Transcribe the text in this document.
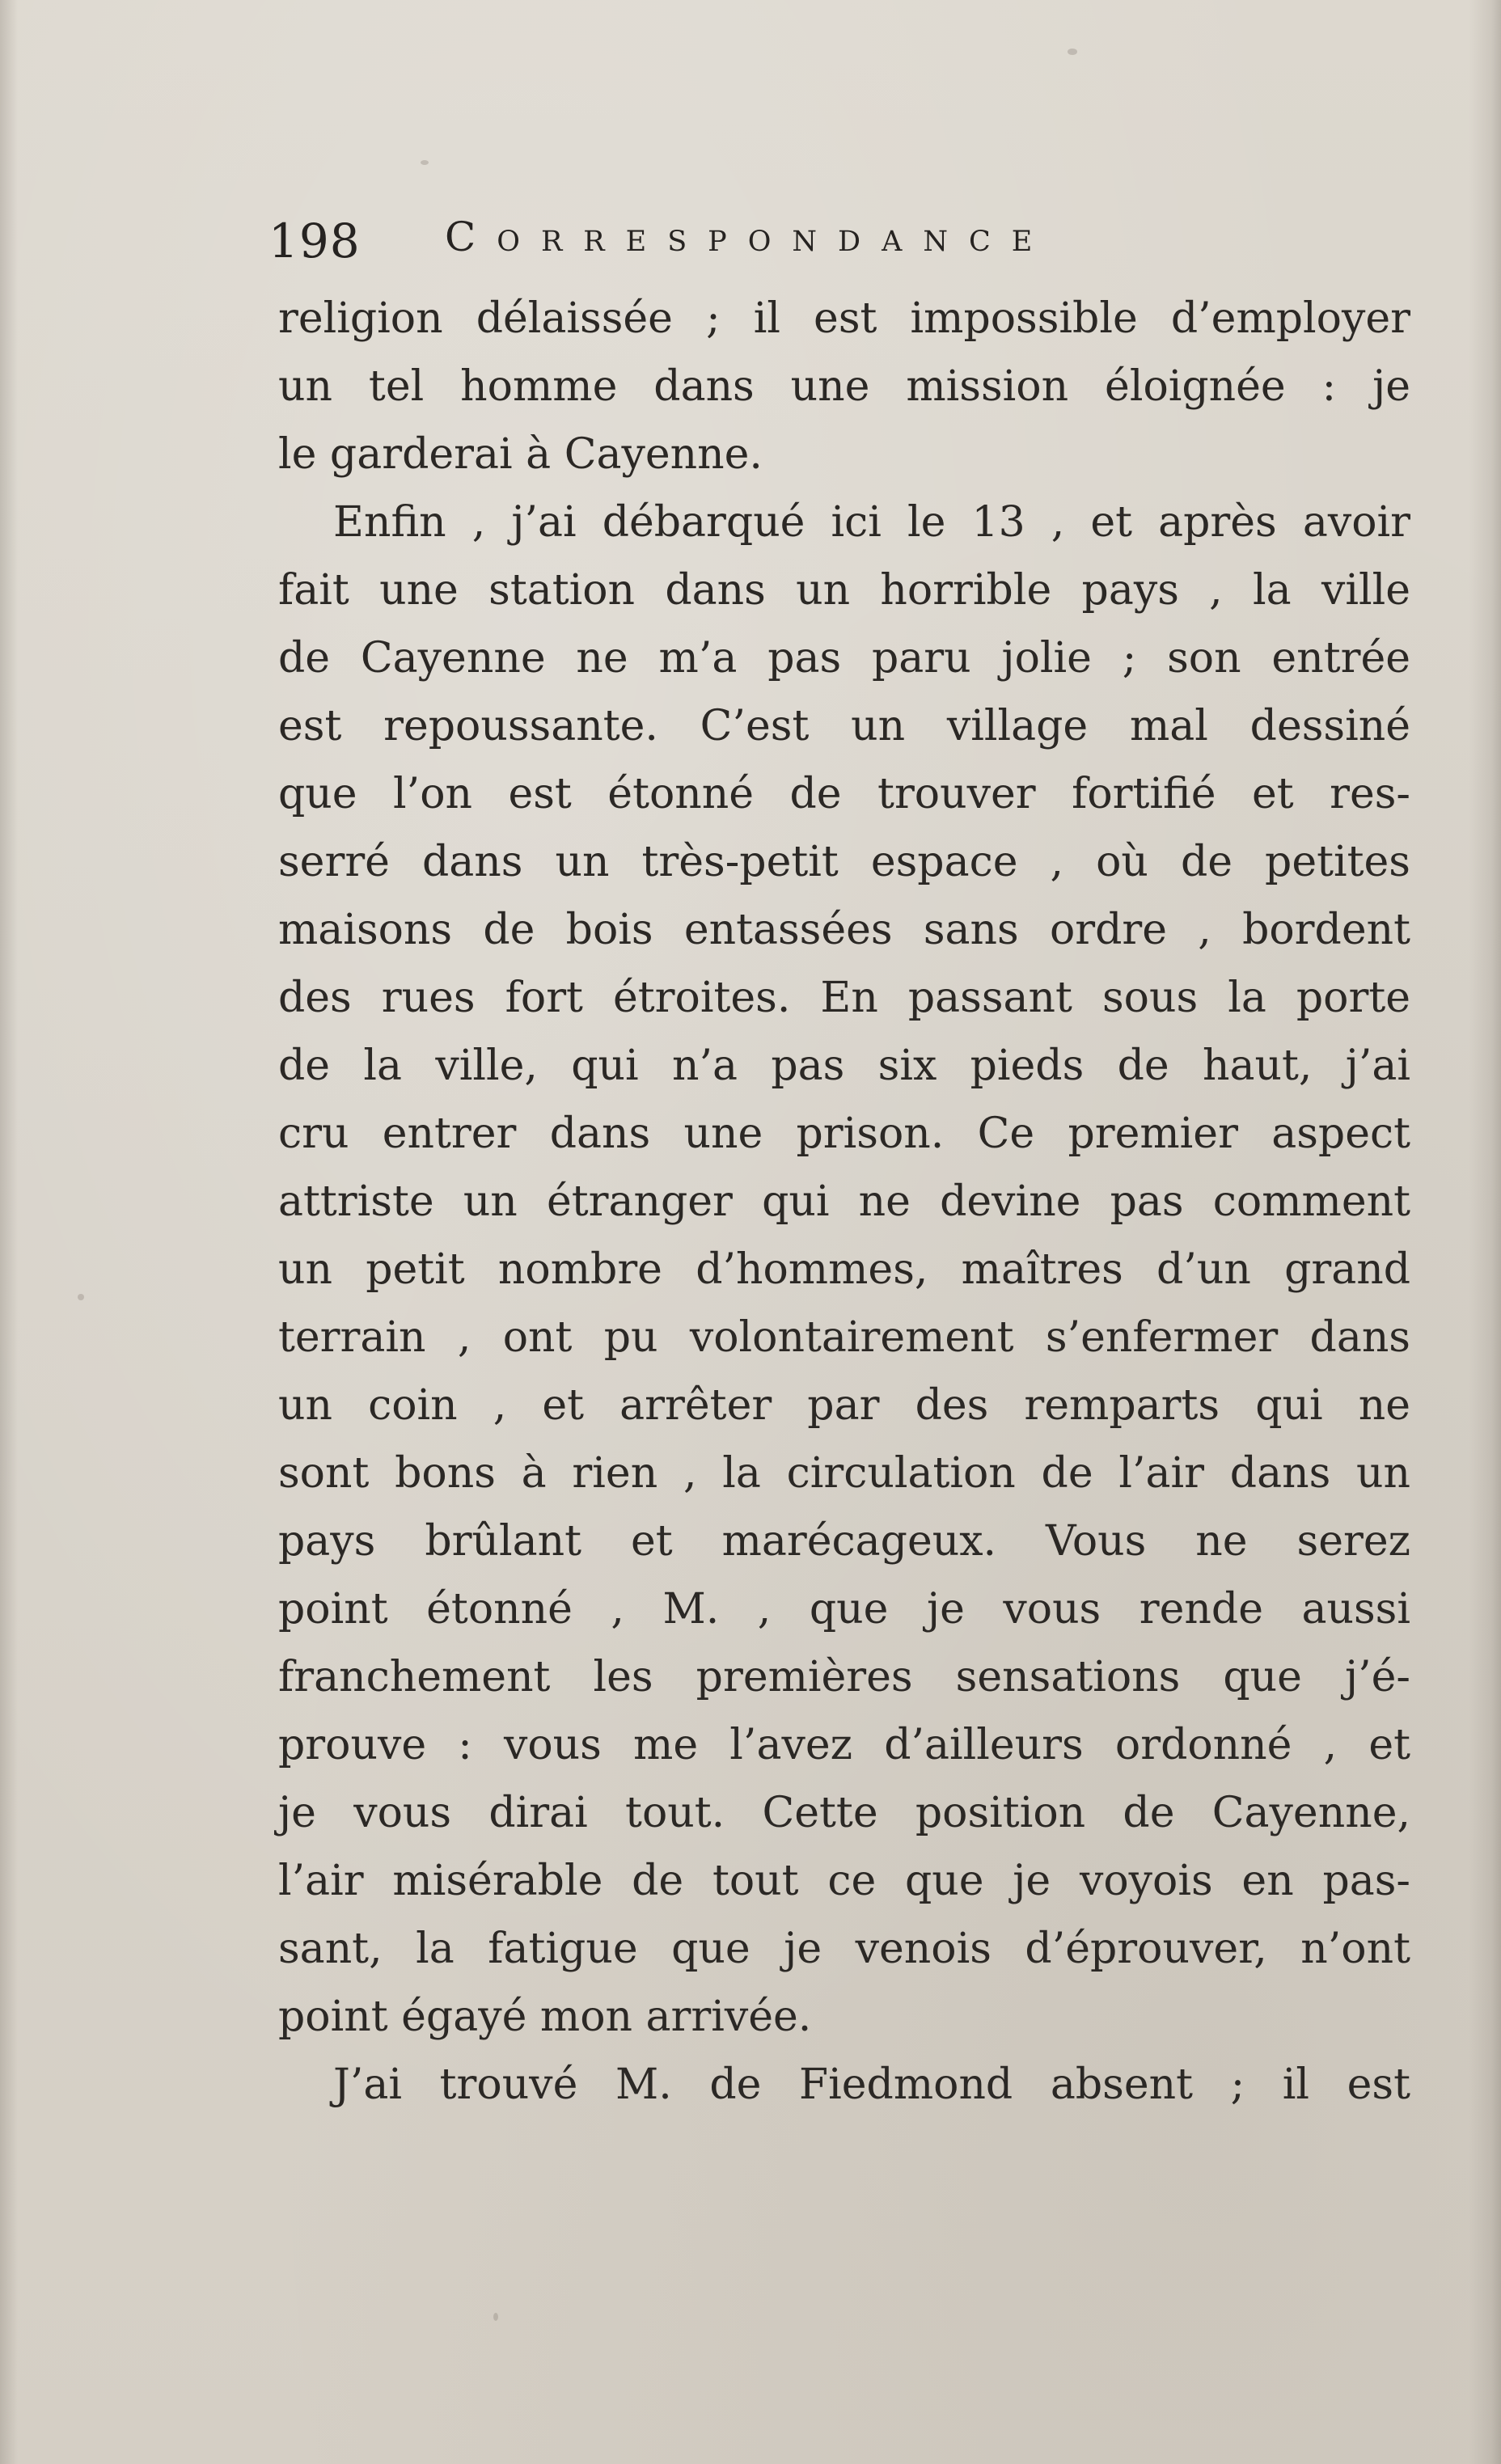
198 Correspondance
religion délaissée ; il est impossible d’employer
un tel homme dans une mission éloignée : je
le garderai à Cayenne.
Enfin , j’ai débarqué ici le 13 , et après avoir
fait une station dans un horrible pays , la ville
de Cayenne ne m’a pas paru jolie ; son entrée
est repoussante. C’est un village mal dessiné
que l’on est étonné de trouver fortifié et res-
serré dans un très-petit espace , où de petites
maisons de bois entassées sans ordre , bordent
des rues fort étroites. En passant sous la porte
de la ville, qui n’a pas six pieds de haut, j’ai
cru entrer dans une prison. Ce premier aspect
attriste un étranger qui ne devine pas comment
un petit nombre d’hommes, maîtres d’un grand
terrain , ont pu volontairement s’enfermer dans
un coin , et arrêter par des remparts qui ne
sont bons à rien , la circulation de l’air dans un
pays brûlant et marécageux. Vous ne serez
point étonné , M. , que je vous rende aussi
franchement les premières sensations que j’é-
prouve : vous me l’avez d’ailleurs ordonné , et
je vous dirai tout. Cette position de Cayenne,
l’air misérable de tout ce que je voyois en pas-
sant, la fatigue que je venois d’éprouver, n’ont
point égayé mon arrivée.
J’ai trouvé M. de Fiedmond absent ; il est
